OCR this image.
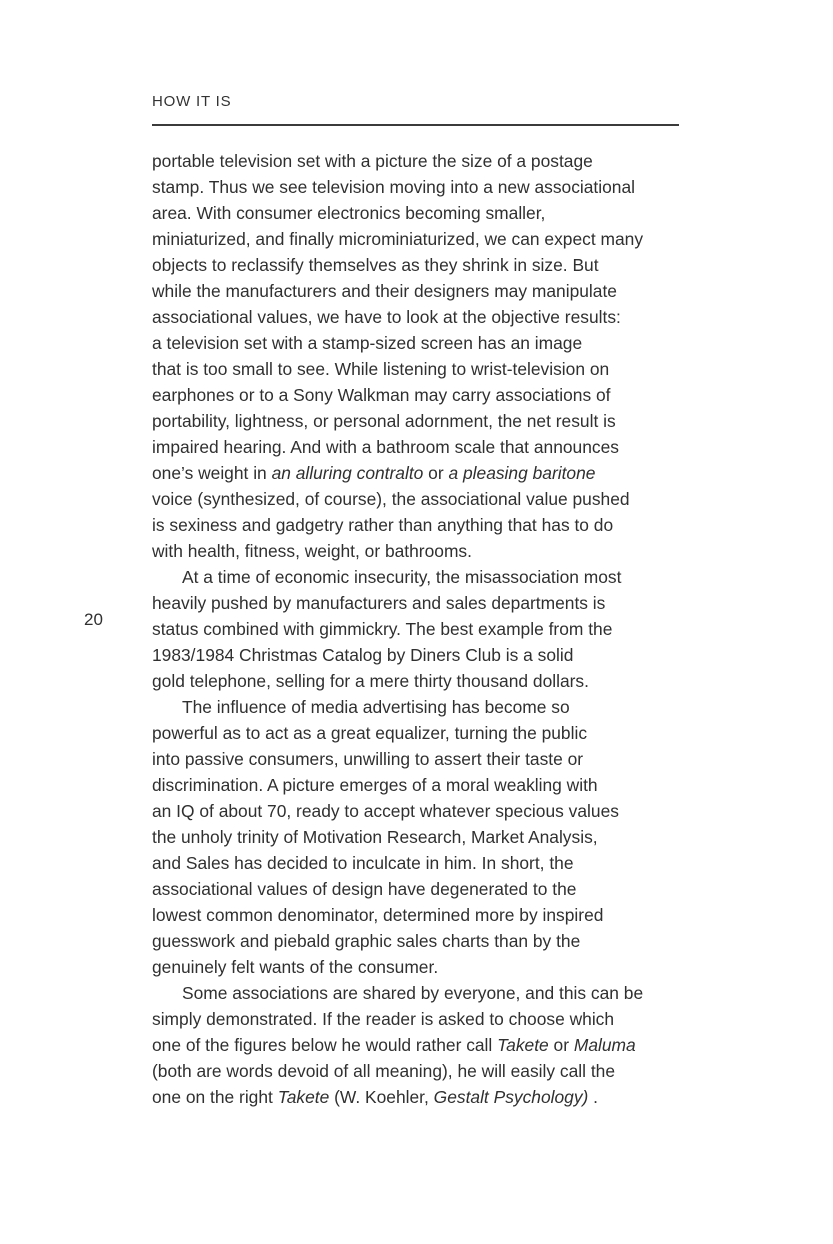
HOW IT IS
20
portable television set with a picture the size of a postage
stamp. Thus we see television moving into a new associational
area. With consumer electronics becoming smaller,
miniaturized, and finally microminiaturized, we can expect many
objects to reclassify themselves as they shrink in size. But
while the manufacturers and their designers may manipulate
associational values, we have to look at the objective results:
a television set with a stamp-sized screen has an image
that is too small to see. While listening to wrist-television on
earphones or to a Sony Walkman may carry associations of
portability, lightness, or personal adornment, the net result is
impaired hearing. And with a bathroom scale that announces
one’s weight in an alluring contralto or a pleasing baritone
voice (synthesized, of course), the associational value pushed
is sexiness and gadgetry rather than anything that has to do
with health, fitness, weight, or bathrooms.
At a time of economic insecurity, the misassociation most
heavily pushed by manufacturers and sales departments is
status combined with gimmickry. The best example from the
1983/1984 Christmas Catalog by Diners Club is a solid
gold telephone, selling for a mere thirty thousand dollars.
The influence of media advertising has become so
powerful as to act as a great equalizer, turning the public
into passive consumers, unwilling to assert their taste or
discrimination. A picture emerges of a moral weakling with
an IQ of about 70, ready to accept whatever specious values
the unholy trinity of Motivation Research, Market Analysis,
and Sales has decided to inculcate in him. In short, the
associational values of design have degenerated to the
lowest common denominator, determined more by inspired
guesswork and piebald graphic sales charts than by the
genuinely felt wants of the consumer.
Some associations are shared by everyone, and this can be
simply demonstrated. If the reader is asked to choose which
one of the figures below he would rather call Takete or Maluma
(both are words devoid of all meaning), he will easily call the
one on the right Takete (W. Koehler, Gestalt Psychology) .
